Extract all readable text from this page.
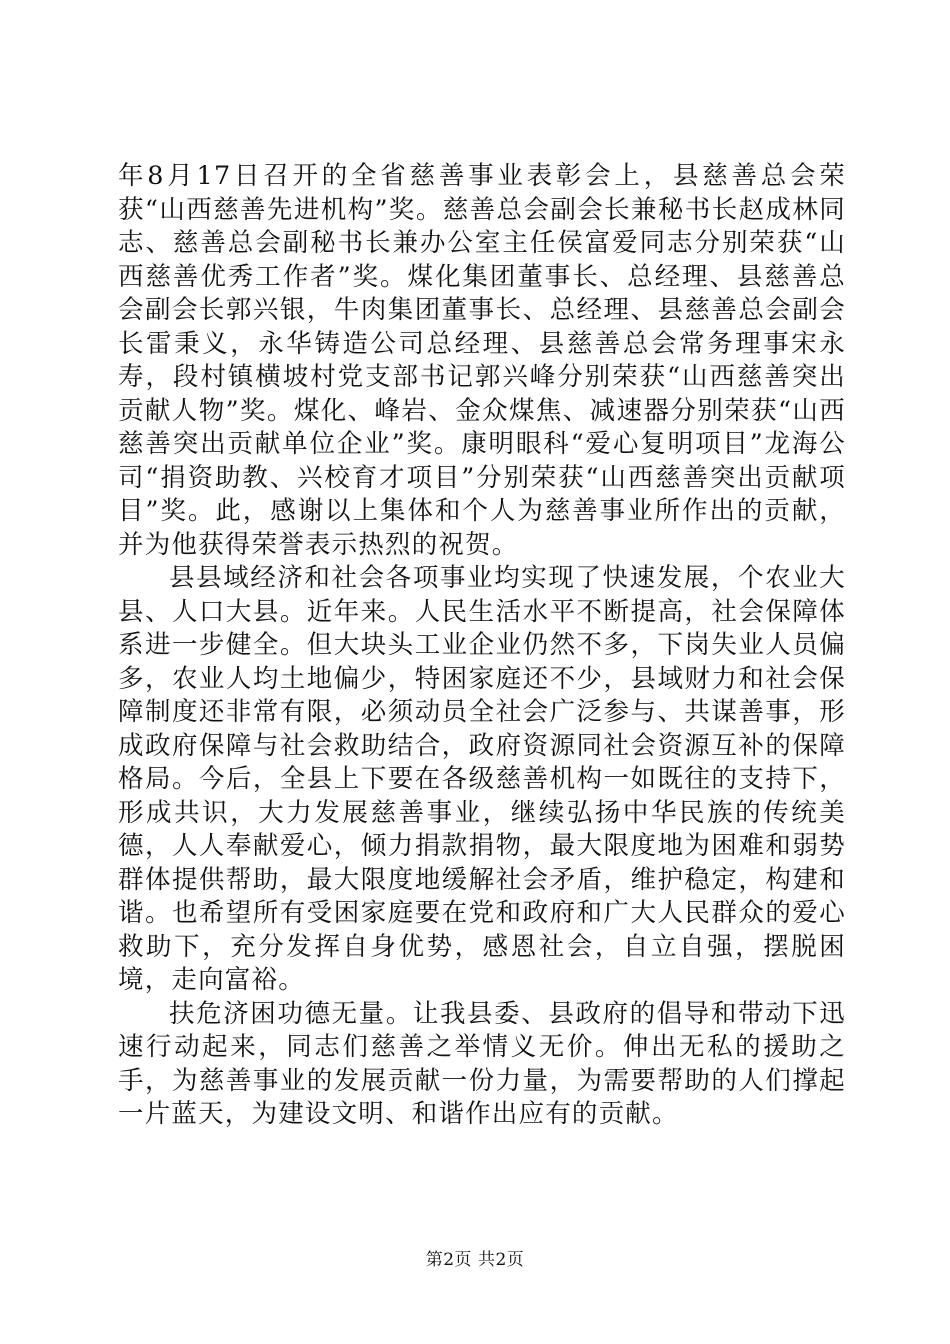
年8月17日召开的全省慈善事业表彰会上，县慈善总会荣获“山西慈善先进机构”奖。慈善总会副会长兼秘书长赵成林同志、慈善总会副秘书长兼办公室主任侯富爱同志分别荣获“山西慈善优秀工作者”奖。煤化集团董事长、总经理、县慈善总会副会长郭兴银，牛肉集团董事长、总经理、县慈善总会副会长雷秉义，永华铸造公司总经理、县慈善总会常务理事宋永寿，段村镇横坡村党支部书记郭兴峰分别荣获“山西慈善突出贡献人物”奖。煤化、峰岩、金众煤焦、减速器分别荣获“山西慈善突出贡献单位企业”奖。康明眼科“爱心复明项目”龙海公司“捐资助教、兴校育才项目”分别荣获“山西慈善突出贡献项目”奖。此，感谢以上集体和个人为慈善事业所作出的贡献，并为他获得荣誉表示热烈的祝贺。

县县域经济和社会各项事业均实现了快速发展，个农业大县、人口大县。近年来。人民生活水平不断提高，社会保障体系进一步健全。但大块头工业企业仍然不多，下岗失业人员偏多，农业人均土地偏少，特困家庭还不少，县域财力和社会保障制度还非常有限，必须动员全社会广泛参与、共谋善事，形成政府保障与社会救助结合，政府资源同社会资源互补的保障格局。今后，全县上下要在各级慈善机构一如既往的支持下，形成共识，大力发展慈善事业，继续弘扬中华民族的传统美德，人人奉献爱心，倾力捐款捐物，最大限度地为困难和弱势群体提供帮助，最大限度地缓解社会矛盾，维护稳定，构建和谐。也希望所有受困家庭要在党和政府和广大人民群众的爱心救助下，充分发挥自身优势，感恩社会，自立自强，摆脱困境，走向富裕。

扶危济困功德无量。让我县委、县政府的倡导和带动下迅速行动起来，同志们慈善之举情义无价。伸出无私的援助之手，为慈善事业的发展贡献一份力量，为需要帮助的人们撑起一片蓝天，为建设文明、和谐作出应有的贡献。

第2页 共2页
